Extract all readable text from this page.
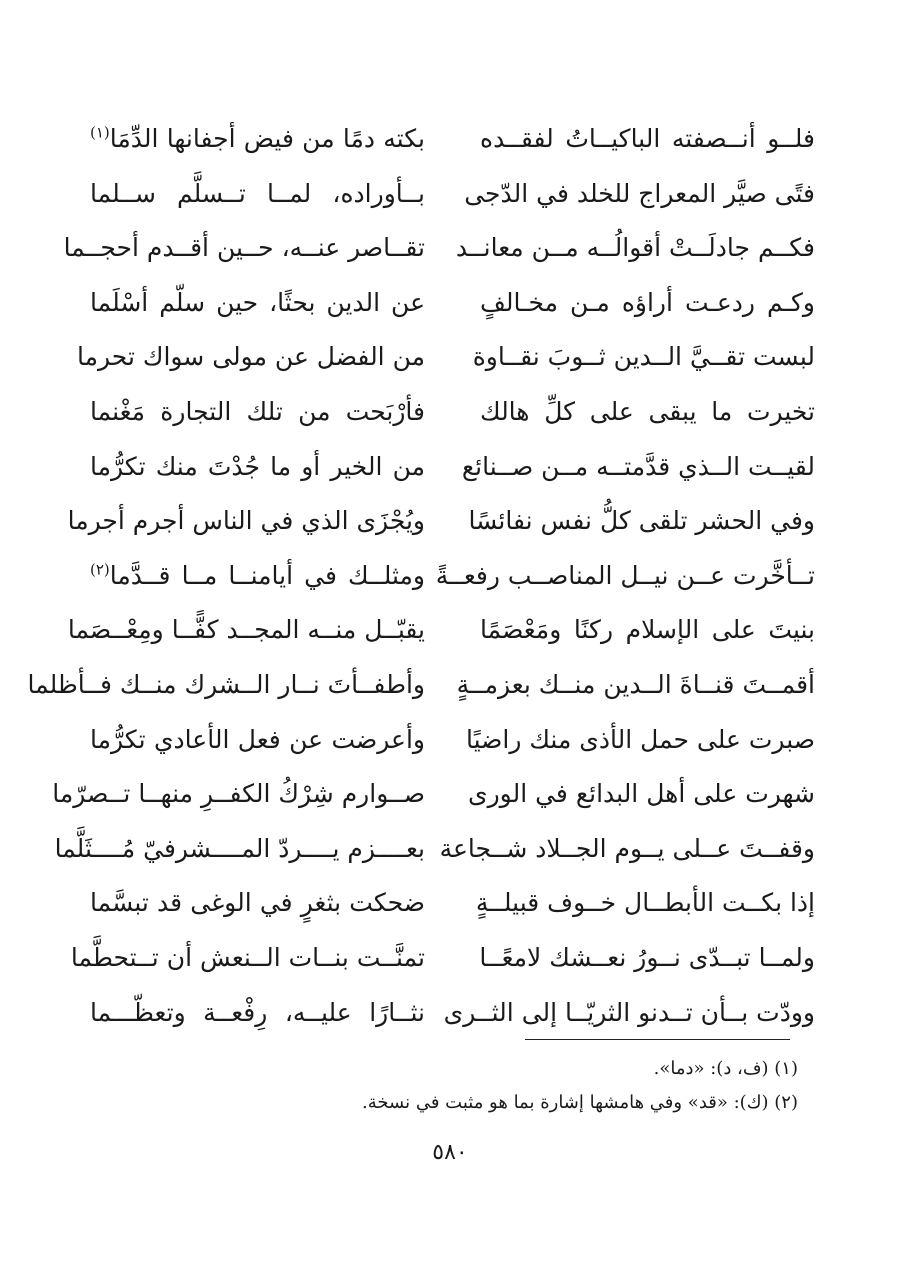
فلــو أنــصفته الباكيــاتُ لفقــده
بكته دمًا من فيض أجفانها الدِّمَا$^{(١)}$
فتًى صيَّر المعراج للخلد في الدّجى
بــأوراده، لمــا تــسلَّم ســلما
فكــم جادلَــتْ أقوالُــه مــن معانــد
تقــاصر عنــه، حــين أقــدم أحجــما
وكـم ردعـت أراؤه مـن مخـالفٍ
عن الدين بحثًا، حين سلّم أسْلَما
لبست تقــيَّ الــدين ثــوبَ نقــاوة
من الفضل عن مولى سواك تحرما
تخيرت ما يبقى على كلِّ هالك
فأرْبَحت من تلك التجارة مَغْنما
لقيــت الــذي قدَّمتــه مــن صــنائع
من الخير أو ما جُدْتَ منك تكرُّما
وفي الحشر تلقى كلُّ نفس نفائسًا
ويُجْزَى الذي في الناس أجرم أجرما
تــأخَّرت عــن نيــل المناصــب رفعــةً
ومثلــك في أيامنــا مــا قــدَّما$^{(٢)}$
بنيتَ على الإسلام ركنًا ومَعْصَمًا
يقبّــل منــه المجــد كفًّــا ومِعْــصَما
أقمــتَ قنــاةَ الــدين منــك بعزمــةٍ
وأطفــأتَ نــار الــشرك منــك فــأظلما
صبرت على حمل الأذى منك راضيًا
وأعرضت عن فعل الأعادي تكرُّما
شهرت على أهل البدائع في الورى
صــوارم شِرْكُ الكفــرِ منهــا تــصرّما
وقفــتَ عــلى يــوم الجــلاد شــجاعة
بعــــزم يــــردّ المــــشرفيّ مُــــثَلَّما
إذا بكــت الأبطــال خــوف قبيلــةٍ
ضحكت بثغرٍ في الوغى قد تبسَّما
ولمــا تبــدّى نــورُ نعــشك لامعًــا
تمنَّــت بنــات الــنعش أن تــتحطَّما
وودّت بــأن تــدنو الثريّــا إلى الثــرى
نثــارًا عليــه، رِفْعــة وتعظّـــما
(١) (ف، د): «دما».
(٢) (ك): «قد» وفي هامشها إشارة بما هو مثبت في نسخة.
٥٨٠
